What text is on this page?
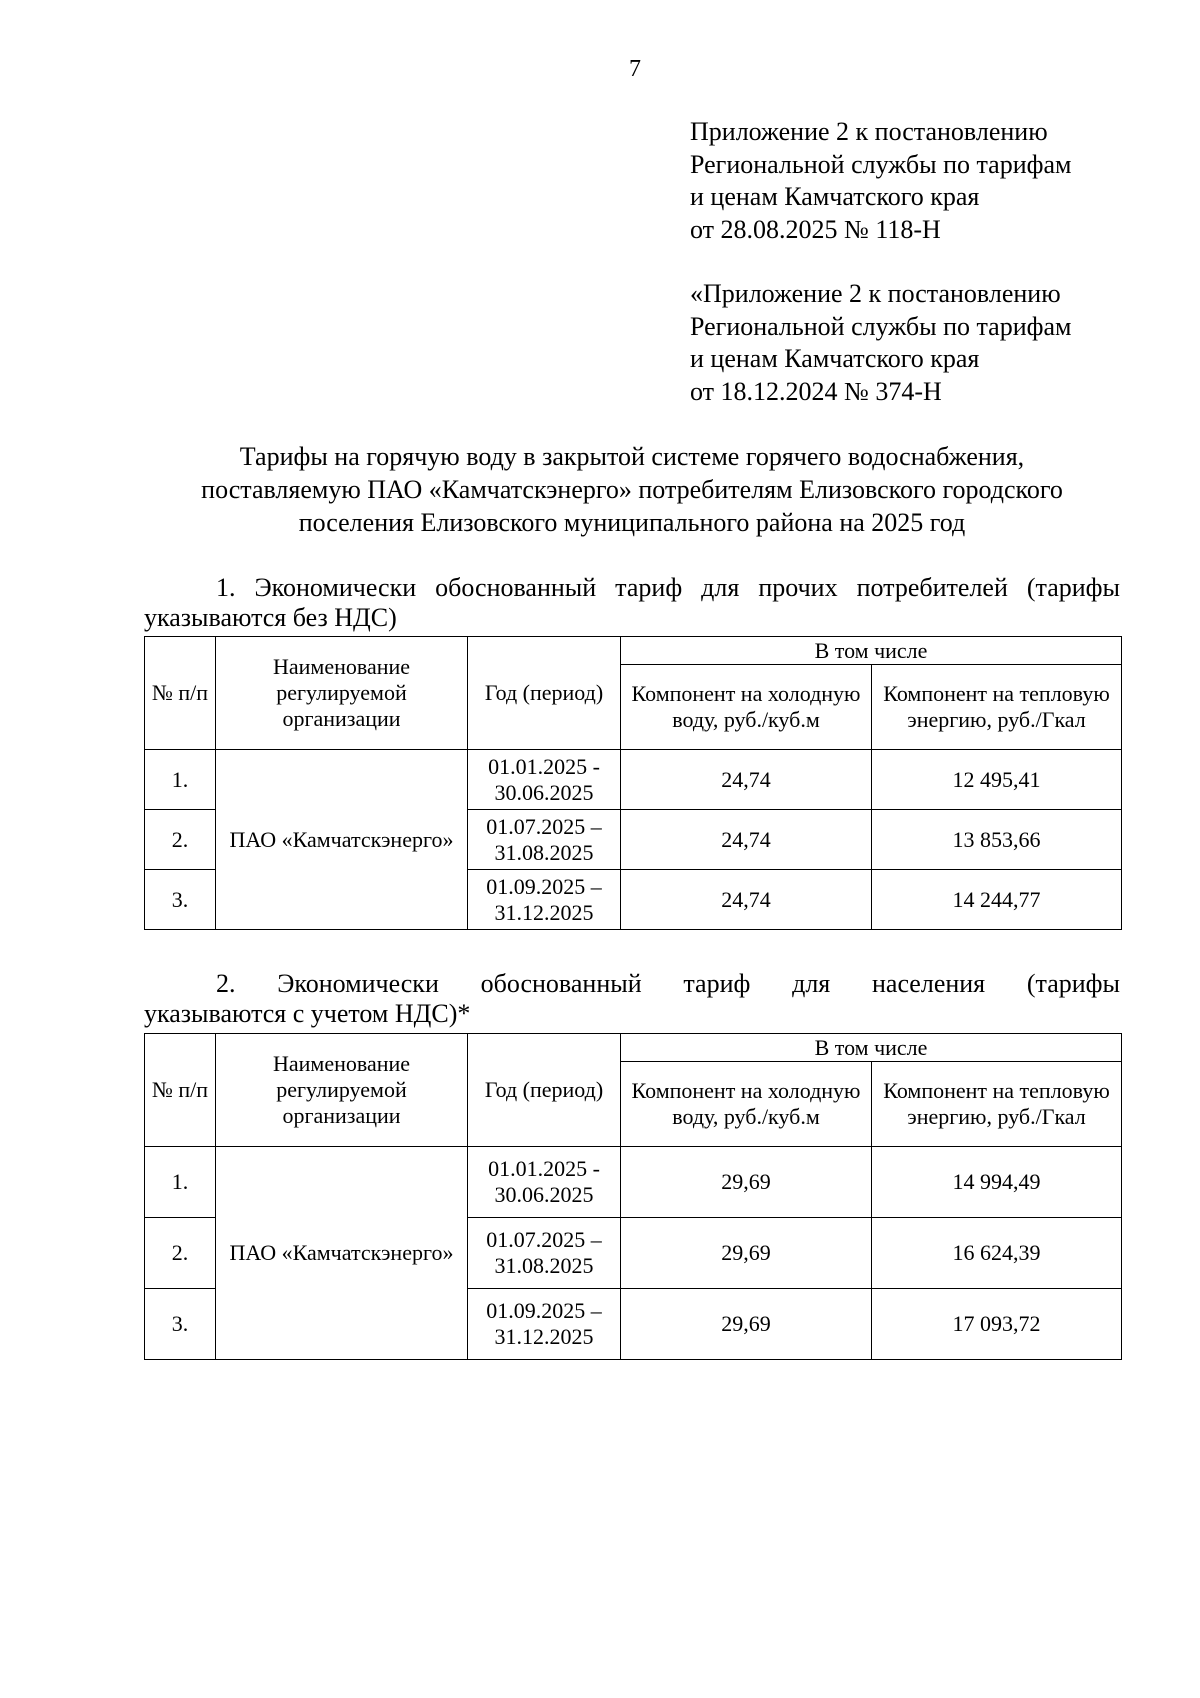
7
Приложение 2 к постановлению
Региональной службы по тарифам
и ценам Камчатского края
от 28.08.2025 № 118-Н
«Приложение 2 к постановлению
Региональной службы по тарифам
и ценам Камчатского края
от 18.12.2024 № 374-Н
Тарифы на горячую воду в закрытой системе горячего водоснабжения,
поставляемую ПАО «Камчатскэнерго» потребителям Елизовского городского
поселения Елизовского муниципального района на 2025 год
1. Экономически обоснованный тариф для прочих потребителей (тарифы
указываются без НДС)
№ п/п	Наименование регулируемой организации	Год (период)	В том числе	
			Компонент на холодную воду, руб./куб.м	Компонент на тепловую энергию, руб./Гкал
1.	ПАО «Камчатскэнерго»	01.01.2025 - 30.06.2025	24,74	12 495,41
2.		01.07.2025 – 31.08.2025	24,74	13 853,66
3.		01.09.2025 – 31.12.2025	24,74	14 244,77
2. Экономически обоснованный тариф для населения (тарифы
указываются с учетом НДС)*
№ п/п	Наименование регулируемой организации	Год (период)	В том числе	
			Компонент на холодную воду, руб./куб.м	Компонент на тепловую энергию, руб./Гкал
1.	ПАО «Камчатскэнерго»	01.01.2025 - 30.06.2025	29,69	14 994,49
2.		01.07.2025 – 31.08.2025	29,69	16 624,39
3.		01.09.2025 – 31.12.2025	29,69	17 093,72
